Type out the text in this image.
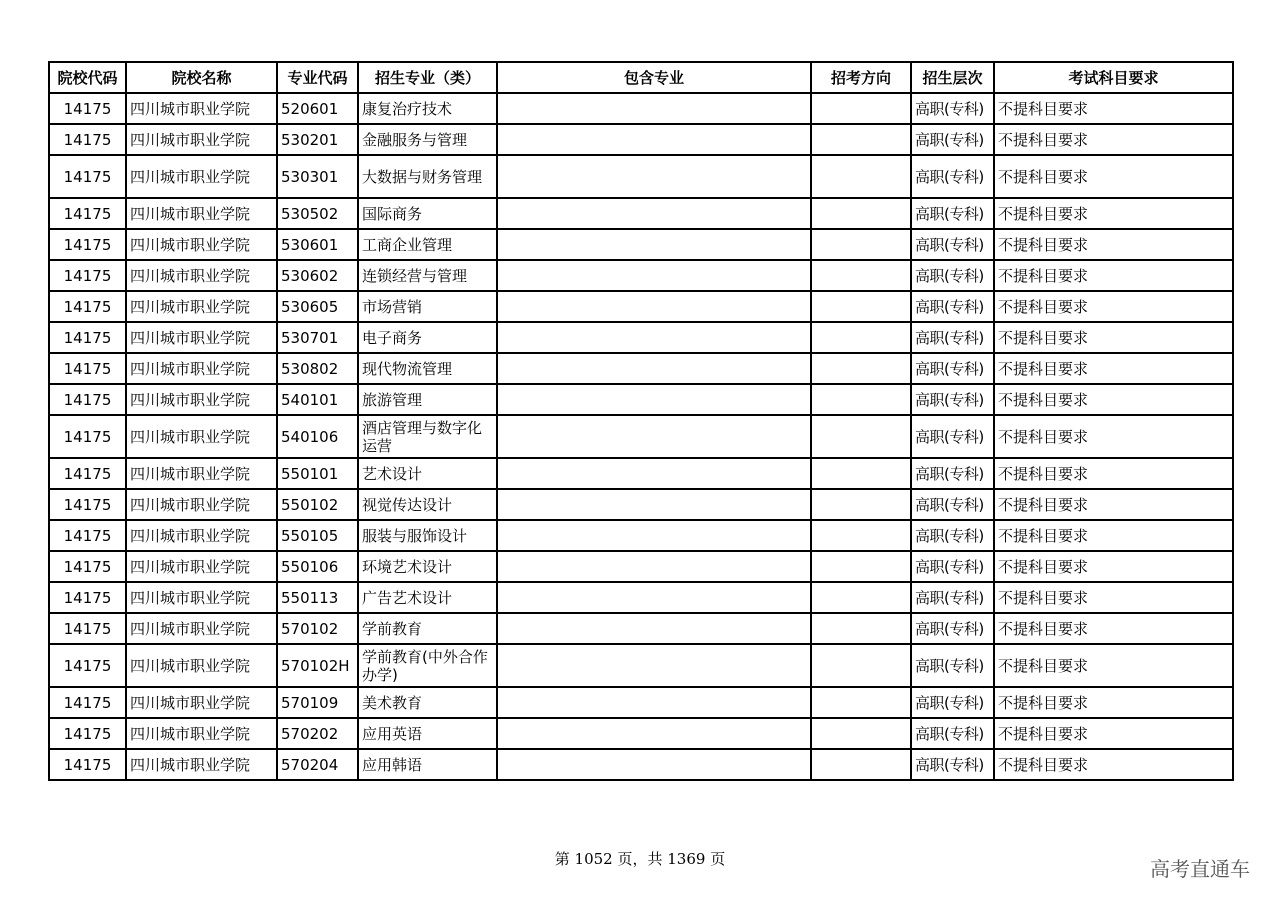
院校代码	院校名称	专业代码	招生专业（类）	包含专业	招考方向	招生层次	考试科目要求
14175	四川城市职业学院	520601	康复治疗技术			高职(专科)	不提科目要求
14175	四川城市职业学院	530201	金融服务与管理			高职(专科)	不提科目要求
14175	四川城市职业学院	530301	大数据与财务管理			高职(专科)	不提科目要求
14175	四川城市职业学院	530502	国际商务			高职(专科)	不提科目要求
14175	四川城市职业学院	530601	工商企业管理			高职(专科)	不提科目要求
14175	四川城市职业学院	530602	连锁经营与管理			高职(专科)	不提科目要求
14175	四川城市职业学院	530605	市场营销			高职(专科)	不提科目要求
14175	四川城市职业学院	530701	电子商务			高职(专科)	不提科目要求
14175	四川城市职业学院	530802	现代物流管理			高职(专科)	不提科目要求
14175	四川城市职业学院	540101	旅游管理			高职(专科)	不提科目要求
14175	四川城市职业学院	540106	酒店管理与数字化运营			高职(专科)	不提科目要求
14175	四川城市职业学院	550101	艺术设计			高职(专科)	不提科目要求
14175	四川城市职业学院	550102	视觉传达设计			高职(专科)	不提科目要求
14175	四川城市职业学院	550105	服装与服饰设计			高职(专科)	不提科目要求
14175	四川城市职业学院	550106	环境艺术设计			高职(专科)	不提科目要求
14175	四川城市职业学院	550113	广告艺术设计			高职(专科)	不提科目要求
14175	四川城市职业学院	570102	学前教育			高职(专科)	不提科目要求
14175	四川城市职业学院	570102H	学前教育(中外合作办学)			高职(专科)	不提科目要求
14175	四川城市职业学院	570109	美术教育			高职(专科)	不提科目要求
14175	四川城市职业学院	570202	应用英语			高职(专科)	不提科目要求
14175	四川城市职业学院	570204	应用韩语			高职(专科)	不提科目要求
第 1052 页，共 1369 页	高考直通车
